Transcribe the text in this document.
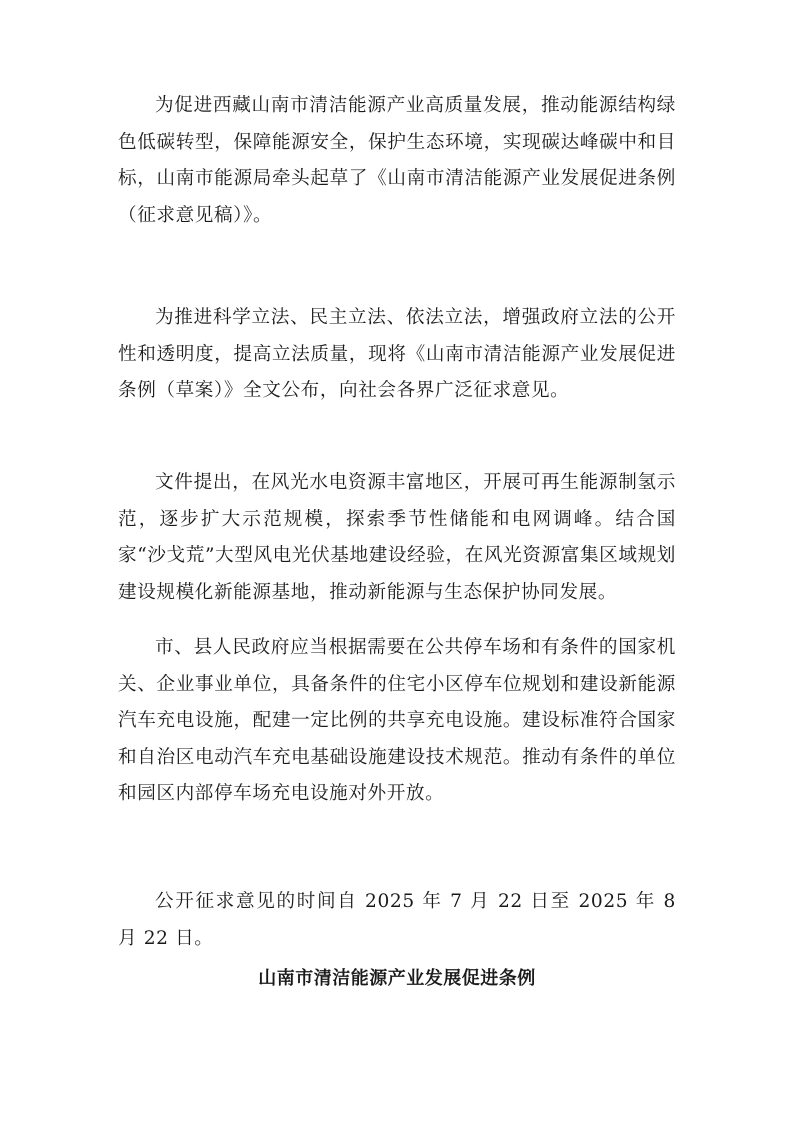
为促进西藏山南市清洁能源产业高质量发展，推动能源结构绿色低碳转型，保障能源安全，保护生态环境，实现碳达峰碳中和目标，山南市能源局牵头起草了《山南市清洁能源产业发展促进条例（征求意见稿）》。

为推进科学立法、民主立法、依法立法，增强政府立法的公开性和透明度，提高立法质量，现将《山南市清洁能源产业发展促进条例（草案）》全文公布，向社会各界广泛征求意见。

文件提出，在风光水电资源丰富地区，开展可再生能源制氢示范，逐步扩大示范规模，探索季节性储能和电网调峰。结合国家“沙戈荒”大型风电光伏基地建设经验，在风光资源富集区域规划建设规模化新能源基地，推动新能源与生态保护协同发展。

市、县人民政府应当根据需要在公共停车场和有条件的国家机关、企业事业单位，具备条件的住宅小区停车位规划和建设新能源汽车充电设施，配建一定比例的共享充电设施。建设标准符合国家和自治区电动汽车充电基础设施建设技术规范。推动有条件的单位和园区内部停车场充电设施对外开放。

公开征求意见的时间自 2025 年 7 月 22 日至 2025 年 8 月 22 日。

山南市清洁能源产业发展促进条例
